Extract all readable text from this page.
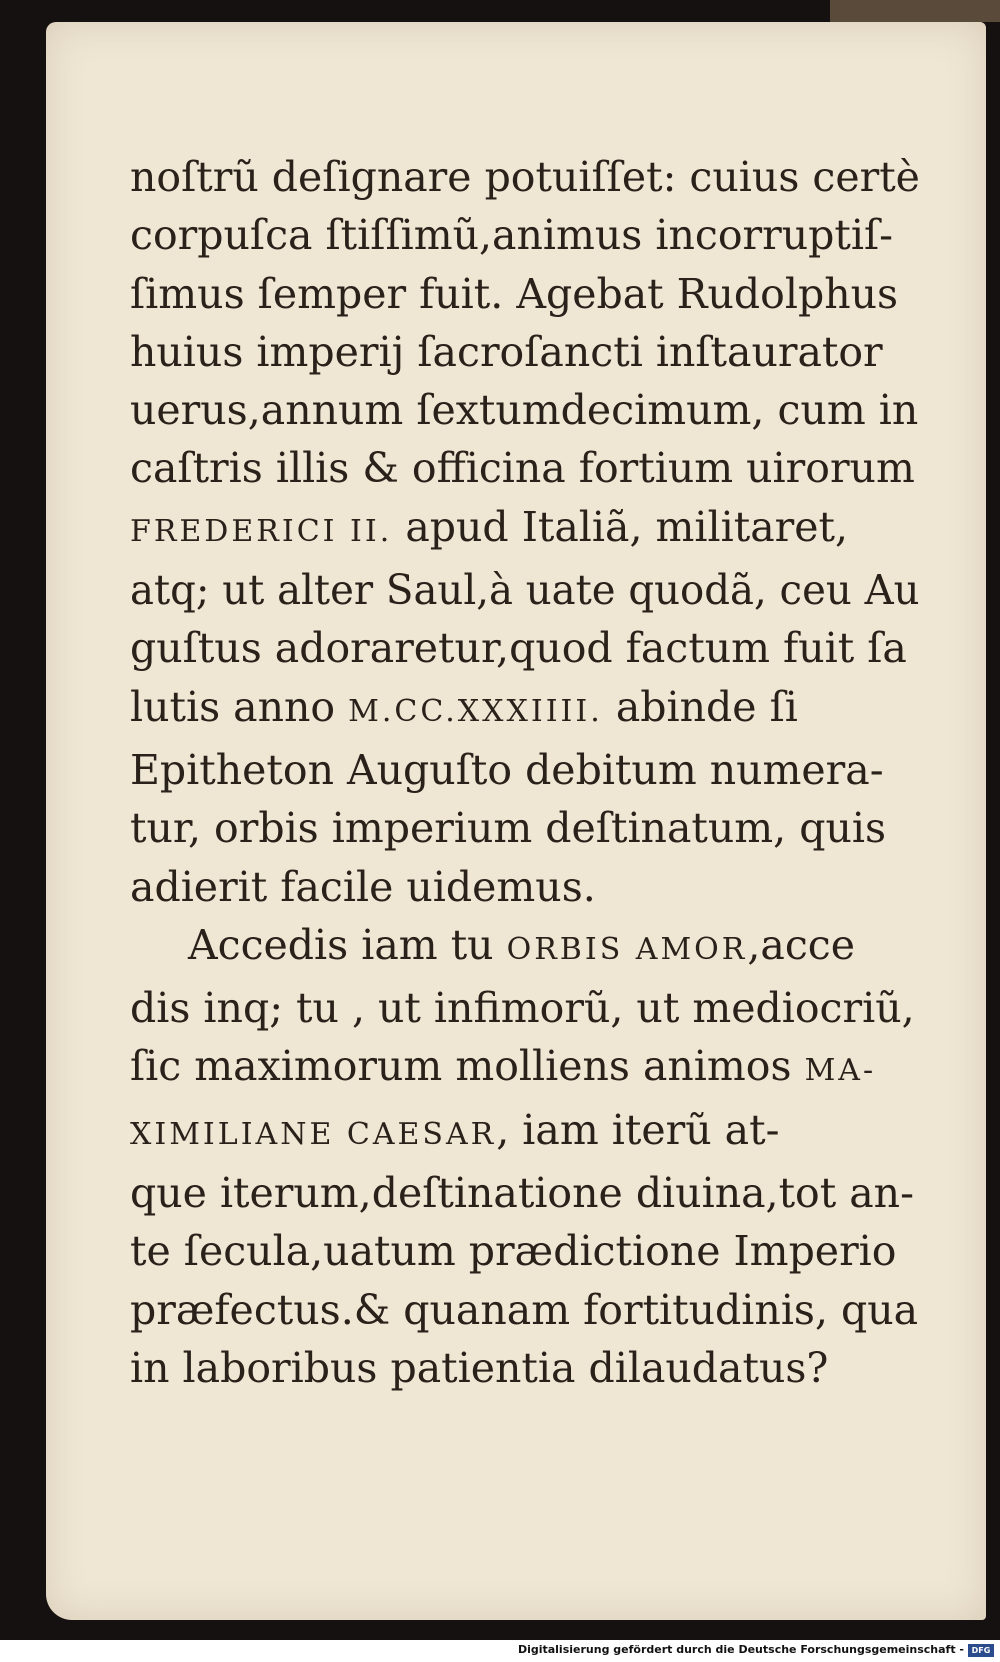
noſtrũ deſignare potuiſſet: cuius certè
corpuſca ſtiſſimũ,animus incorruptiſ-
ſimus ſemper fuit. Agebat Rudolphus
huius imperij ſacroſancti inſtaurator
uerus,annum ſextumdecimum, cum in
caſtris illis & officina fortium uirorum
FREDERICI II. apud Italiã, militaret,
atq; ut alter Saul,à uate quodã, ceu Au
guſtus adoraretur,quod factum fuit ſa
lutis anno M.CC.XXXIIII. abinde ſi
Epitheton Auguſto debitum numera-
tur, orbis imperium deſtinatum, quis
adierit facile uidemus.
Accedis iam tu ORBIS AMOR,acce
dis inq; tu , ut infimorũ, ut mediocriũ,
ſic maximorum molliens animos MA-
XIMILIANE CAESAR, iam iterũ at-
que iterum,deſtinatione diuina,tot an-
te ſecula,uatum prædictione Imperio
præfectus.& quanam fortitudinis, qua
in laboribus patientia dilaudatus?
Digitalisierung gefördert durch die Deutsche Forschungsgemeinschaft - DFG
